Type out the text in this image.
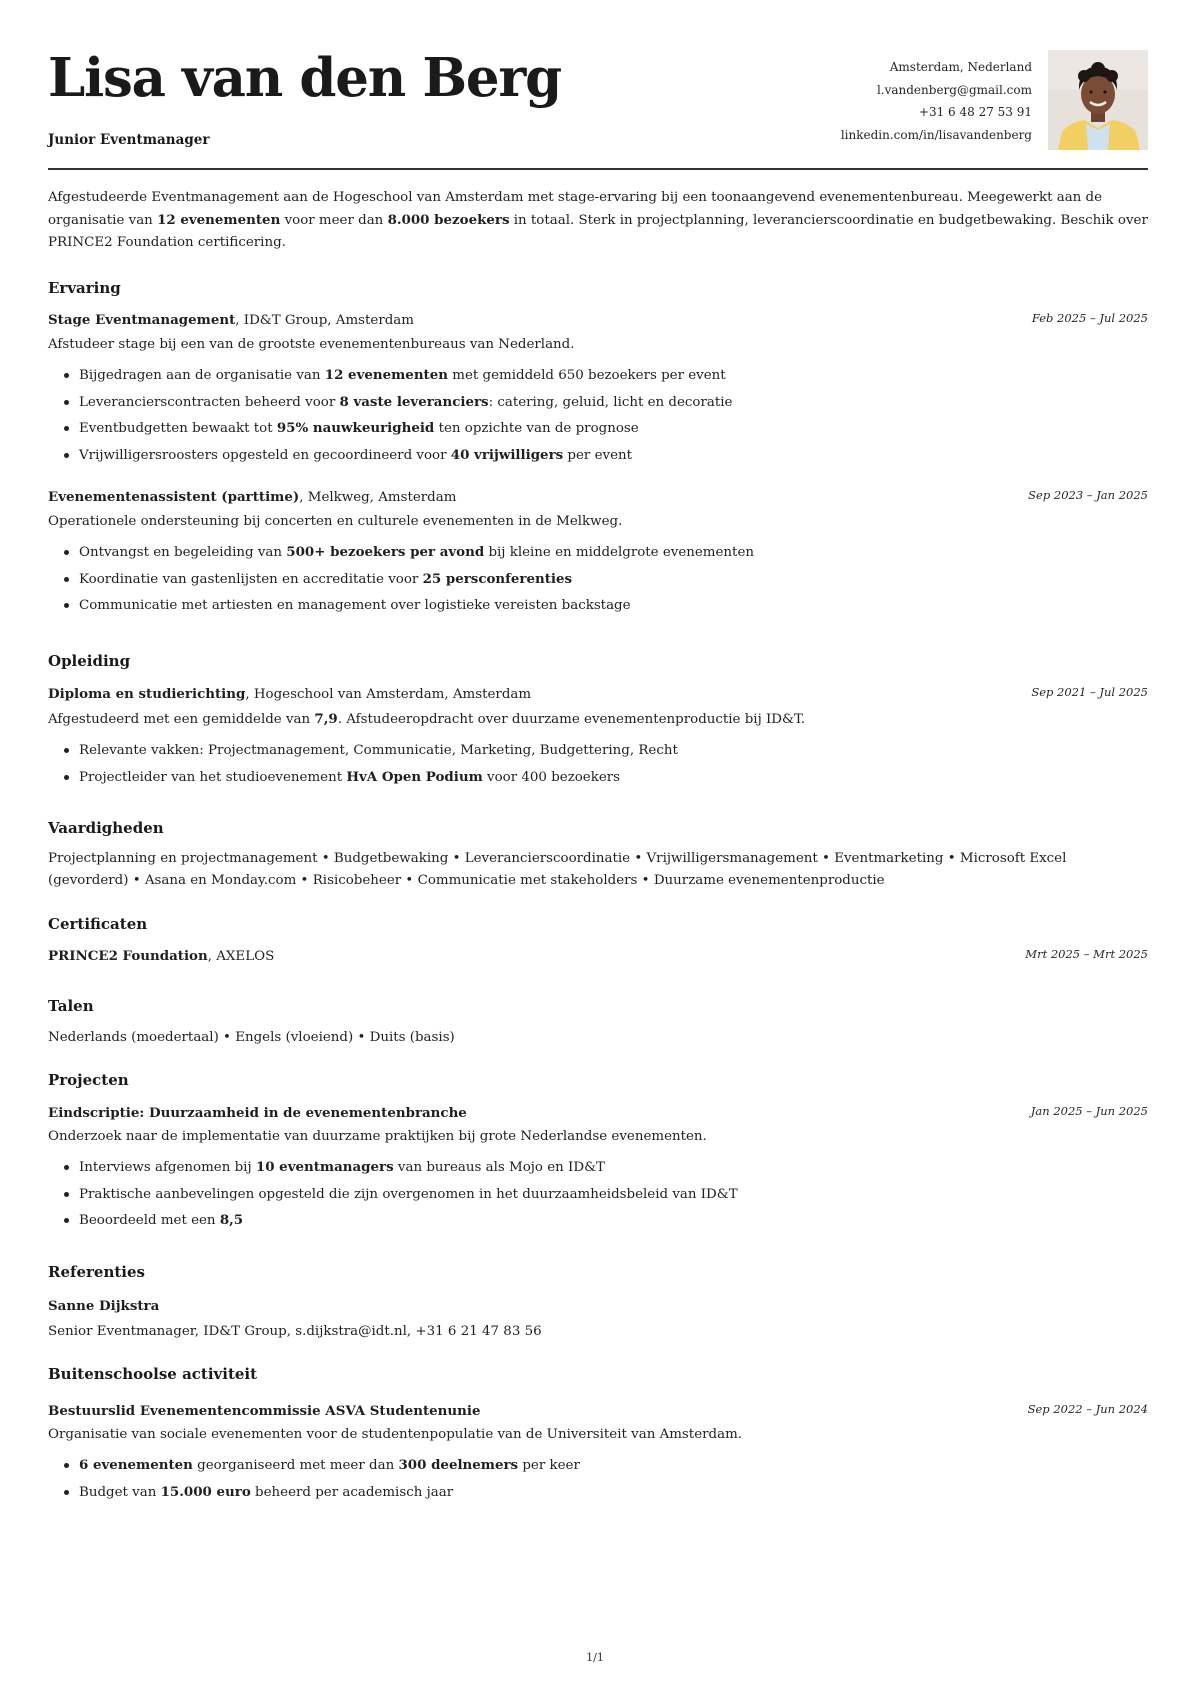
Lisa van den Berg
Junior Eventmanager
Amsterdam, Nederland
l.vandenberg@gmail.com
+31 6 48 27 53 91
linkedin.com/in/lisavandenberg

Afgestudeerde Eventmanagement aan de Hogeschool van Amsterdam met stage-ervaring bij een toonaangevend evenementenbureau. Meegewerkt aan de organisatie van 12 evenementen voor meer dan 8.000 bezoekers in totaal. Sterk in projectplanning, leverancierscoordinatie en budgetbewaking. Beschik over PRINCE2 Foundation certificering.

Ervaring
Stage Eventmanagement, ID&T Group, Amsterdam	Feb 2025 – Jul 2025
Afstudeer stage bij een van de grootste evenementenbureaus van Nederland.
Bijgedragen aan de organisatie van 12 evenementen met gemiddeld 650 bezoekers per event
Leverancierscontracten beheerd voor 8 vaste leveranciers: catering, geluid, licht en decoratie
Eventbudgetten bewaakt tot 95% nauwkeurigheid ten opzichte van de prognose
Vrijwilligersroosters opgesteld en gecoordineerd voor 40 vrijwilligers per event
Evenementenassistent (parttime), Melkweg, Amsterdam	Sep 2023 – Jan 2025
Operationele ondersteuning bij concerten en culturele evenementen in de Melkweg.
Ontvangst en begeleiding van 500+ bezoekers per avond bij kleine en middelgrote evenementen
Koordinatie van gastenlijsten en accreditatie voor 25 persconferenties
Communicatie met artiesten en management over logistieke vereisten backstage
Opleiding
Diploma en studierichting, Hogeschool van Amsterdam, Amsterdam	Sep 2021 – Jul 2025
Afgestudeerd met een gemiddelde van 7,9. Afstudeeropdracht over duurzame evenementenproductie bij ID&T.
Relevante vakken: Projectmanagement, Communicatie, Marketing, Budgettering, Recht
Projectleider van het studioevenement HvA Open Podium voor 400 bezoekers
Vaardigheden

Projectplanning en projectmanagement • Budgetbewaking • Leverancierscoordinatie • Vrijwilligersmanagement • Eventmarketing • Microsoft Excel (gevorderd) • Asana en Monday.com • Risicobeheer • Communicatie met stakeholders • Duurzame evenementenproductie

Certificaten
PRINCE2 Foundation, AXELOS	Mrt 2025 – Mrt 2025
Talen

Nederlands (moedertaal) • Engels (vloeiend) • Duits (basis)

Projecten
Eindscriptie: Duurzaamheid in de evenementenbranche	Jan 2025 – Jun 2025
Onderzoek naar de implementatie van duurzame praktijken bij grote Nederlandse evenementen.
Interviews afgenomen bij 10 eventmanagers van bureaus als Mojo en ID&T
Praktische aanbevelingen opgesteld die zijn overgenomen in het duurzaamheidsbeleid van ID&T
Beoordeeld met een 8,5
Referenties
Sanne Dijkstra
Senior Eventmanager, ID&T Group, s.dijkstra@idt.nl, +31 6 21 47 83 56
Buitenschoolse activiteit
Bestuurslid Evenementencommissie ASVA Studentenunie	Sep 2022 – Jun 2024
Organisatie van sociale evenementen voor de studentenpopulatie van de Universiteit van Amsterdam.
6 evenementen georganiseerd met meer dan 300 deelnemers per keer
Budget van 15.000 euro beheerd per academisch jaar
1/1
